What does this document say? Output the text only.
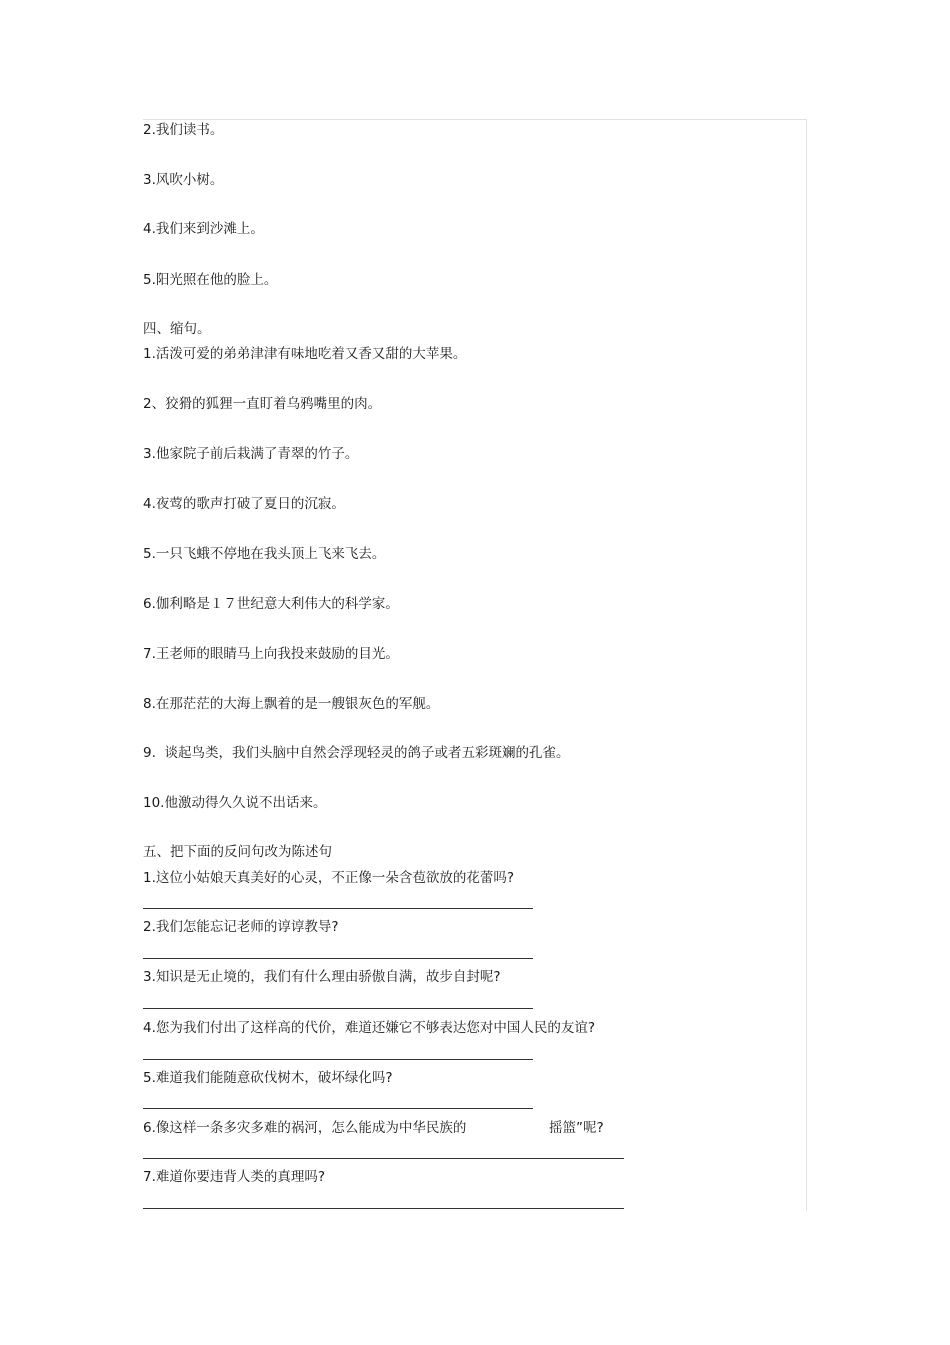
2.我们读书。
3.风吹小树。
4.我们来到沙滩上。
5.阳光照在他的脸上。
四、缩句。
1.活泼可爱的弟弟津津有味地吃着又香又甜的大苹果。
2、狡猾的狐狸一直盯着乌鸦嘴里的肉。
3.他家院子前后栽满了青翠的竹子。
4.夜莺的歌声打破了夏日的沉寂。
5.一只飞蛾不停地在我头顶上飞来飞去。
6.伽利略是１７世纪意大利伟大的科学家。
7.王老师的眼睛马上向我投来鼓励的目光。
8.在那茫茫的大海上飘着的是一艘银灰色的军舰。
9.  谈起鸟类，我们头脑中自然会浮现轻灵的鸽子或者五彩斑斓的孔雀。
10.他激动得久久说不出话来。
五、把下面的反问句改为陈述句
1.这位小姑娘天真美好的心灵，不正像一朵含苞欲放的花蕾吗?
2.我们怎能忘记老师的谆谆教导?
3.知识是无止境的，我们有什么理由骄傲自满，故步自封呢?
4.您为我们付出了这样高的代价，难道还嫌它不够表达您对中国人民的友谊?
5.难道我们能随意砍伐树木，破坏绿化吗?
6.像这样一条多灾多难的祸河，怎么能成为中华民族的	摇篮”呢?
7.难道你要违背人类的真理吗?
